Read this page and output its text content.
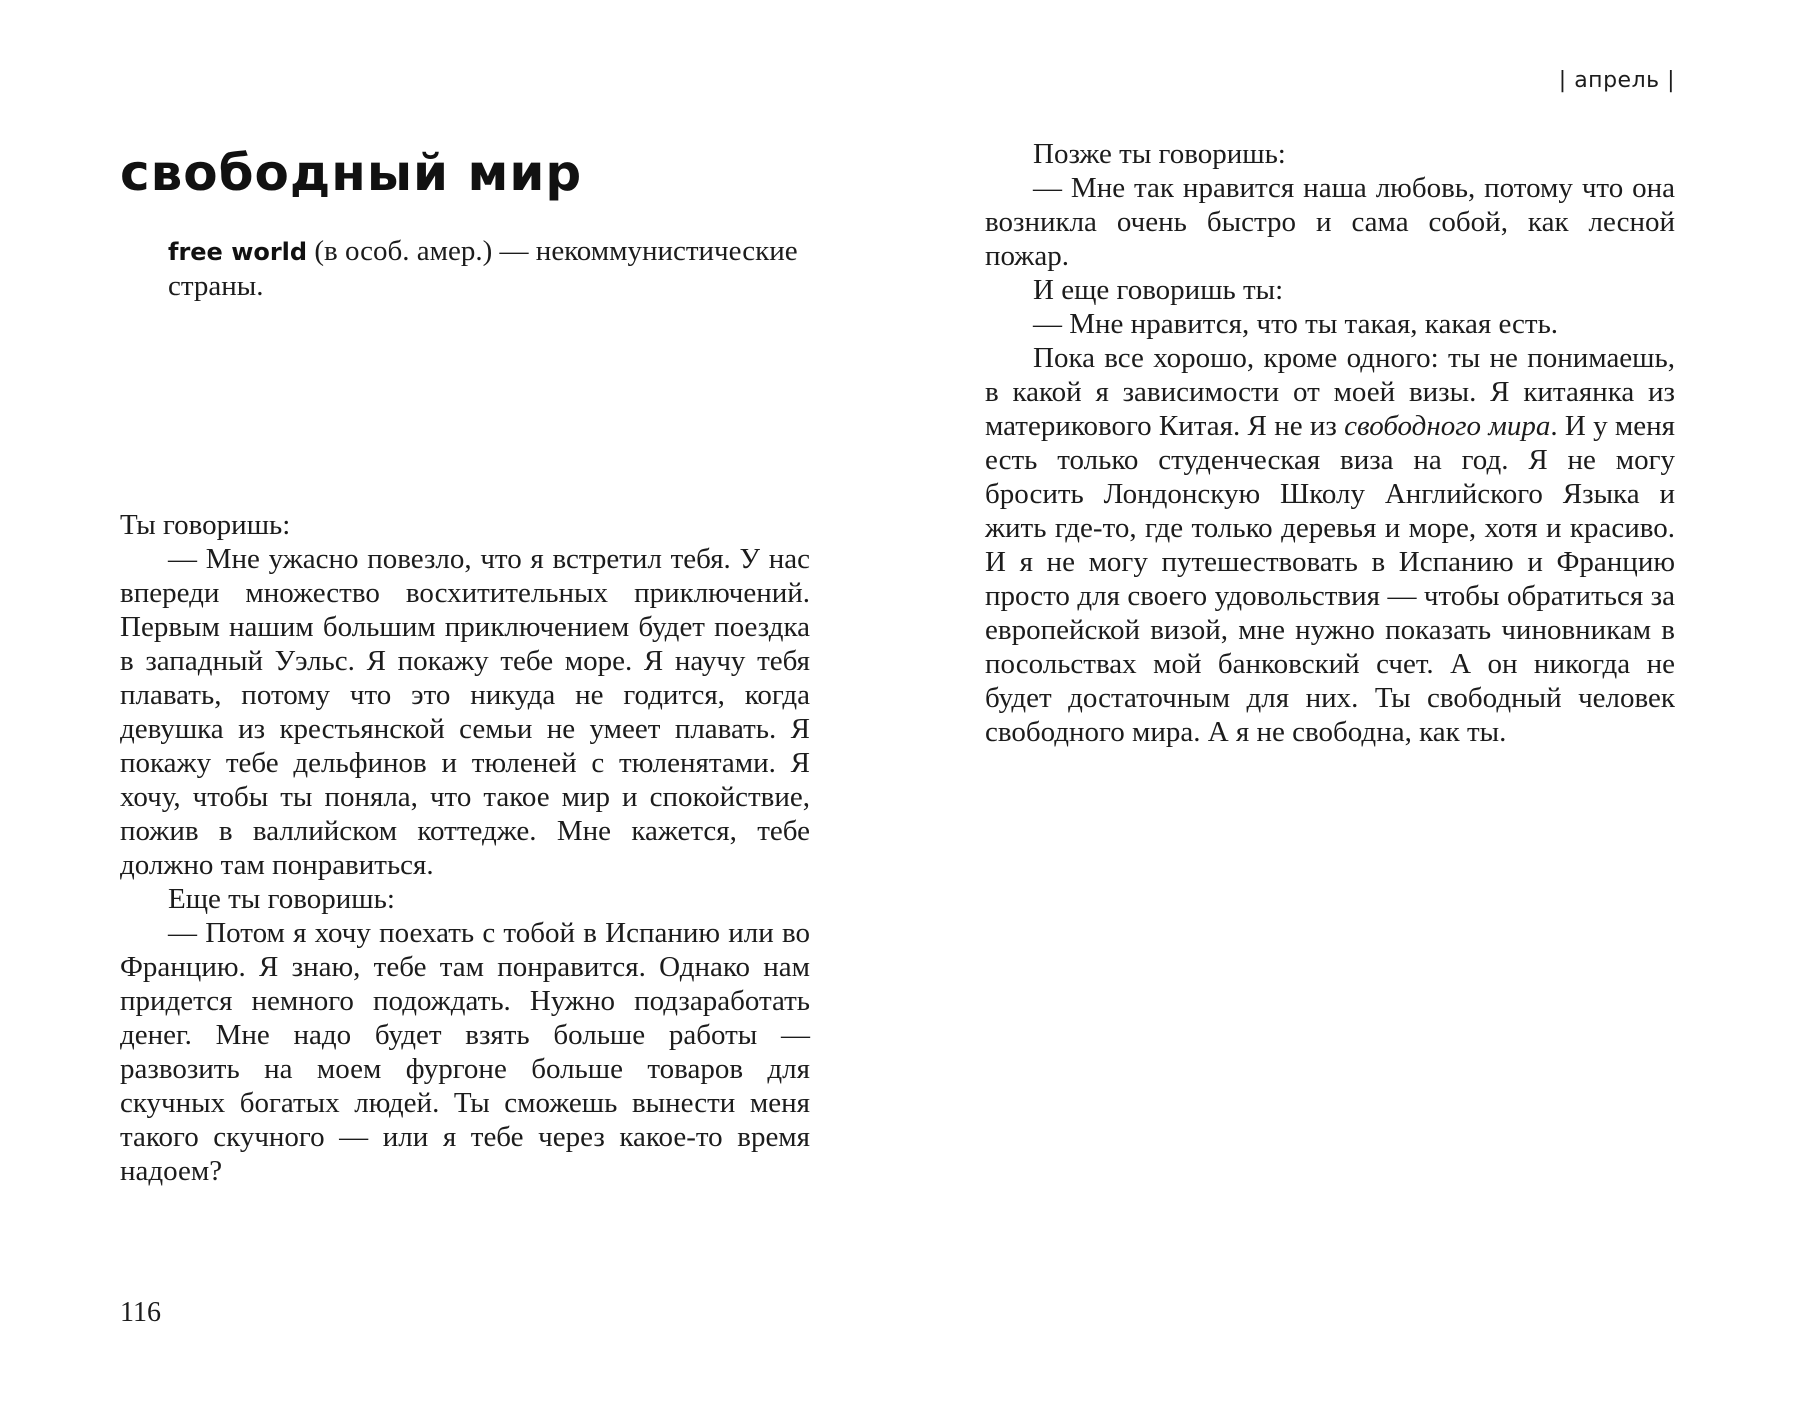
свободный мир

free world (в особ. амер.) — некоммунистические страны.

Ты говоришь:

— Мне ужасно повезло, что я встретил тебя. У нас впереди множество восхитительных приключений. Первым нашим большим приключением будет поездка в западный Уэльс. Я покажу тебе море. Я научу тебя плавать, потому что это никуда не годится, когда девушка из крестьянской семьи не умеет плавать. Я покажу тебе дельфинов и тюленей с тюленятами. Я хочу, чтобы ты поняла, что такое мир и спокойствие, пожив в валлийском коттедже. Мне кажется, тебе должно там понравиться.

Еще ты говоришь:

— Потом я хочу поехать с тобой в Испанию или во Францию. Я знаю, тебе там понравится. Однако нам придется немного подождать. Нужно подзаработать денег. Мне надо будет взять больше работы — развозить на моем фургоне больше товаров для скучных богатых людей. Ты сможешь вынести меня такого скучного — или я тебе через какое-то время надоем?

116
| апрель |

Позже ты говоришь:

— Мне так нравится наша любовь, потому что она возникла очень быстро и сама собой, как лесной пожар.

И еще говоришь ты:

— Мне нравится, что ты такая, какая есть.

Пока все хорошо, кроме одного: ты не понимаешь, в какой я зависимости от моей визы. Я китаянка из материкового Китая. Я не из свободного мира. И у меня есть только студенческая виза на год. Я не могу бросить Лондонскую Школу Английского Языка и жить где-то, где только деревья и море, хотя и красиво. И я не могу путешествовать в Испанию и Францию просто для своего удовольствия — чтобы обратиться за европейской визой, мне нужно показать чиновникам в посольствах мой банковский счет. А он никогда не будет достаточным для них. Ты свободный человек свободного мира. А я не свободна, как ты.
